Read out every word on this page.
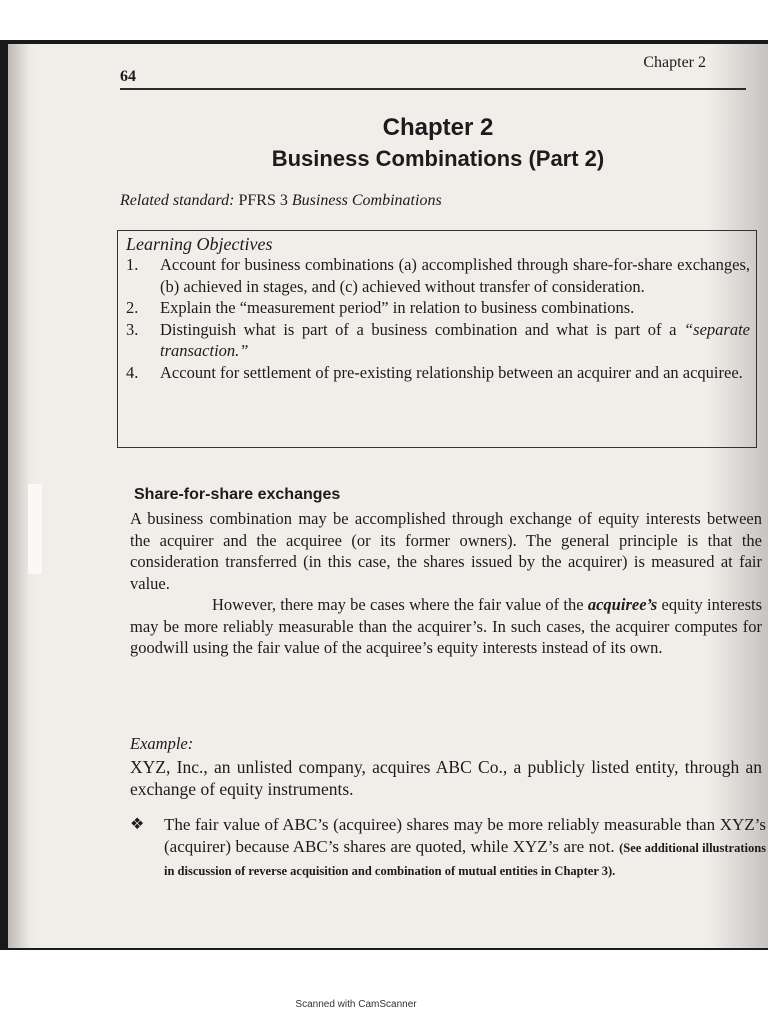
64
Chapter 2
Chapter 2
Business Combinations (Part 2)
Related standard: PFRS 3 Business Combinations
Learning Objectives
1.	Account for business combinations (a) accomplished through share-for-share exchanges, (b) achieved in stages, and (c) achieved without transfer of consideration.
2.	Explain the “measurement period” in relation to business combinations.
3.	Distinguish what is part of a business combination and what is part of a “separate transaction.”
4.	Account for settlement of pre-existing relationship between an acquirer and an acquiree.
Share-for-share exchanges

A business combination may be accomplished through exchange of equity interests between the acquirer and the acquiree (or its former owners). The general principle is that the consideration transferred (in this case, the shares issued by the acquirer) is measured at fair value.

However, there may be cases where the fair value of the acquiree’s equity interests may be more reliably measurable than the acquirer’s. In such cases, the acquirer computes for goodwill using the fair value of the acquiree’s equity interests instead of its own.

Example:
XYZ, Inc., an unlisted company, acquires ABC Co., a publicly listed entity, through an exchange of equity instruments.
❖	The fair value of ABC’s (acquiree) shares may be more reliably measurable than XYZ’s (acquirer) because ABC’s shares are quoted, while XYZ’s are not. (See additional illustrations in discussion of reverse acquisition and combination of mutual entities in Chapter 3).
Scanned with CamScanner
